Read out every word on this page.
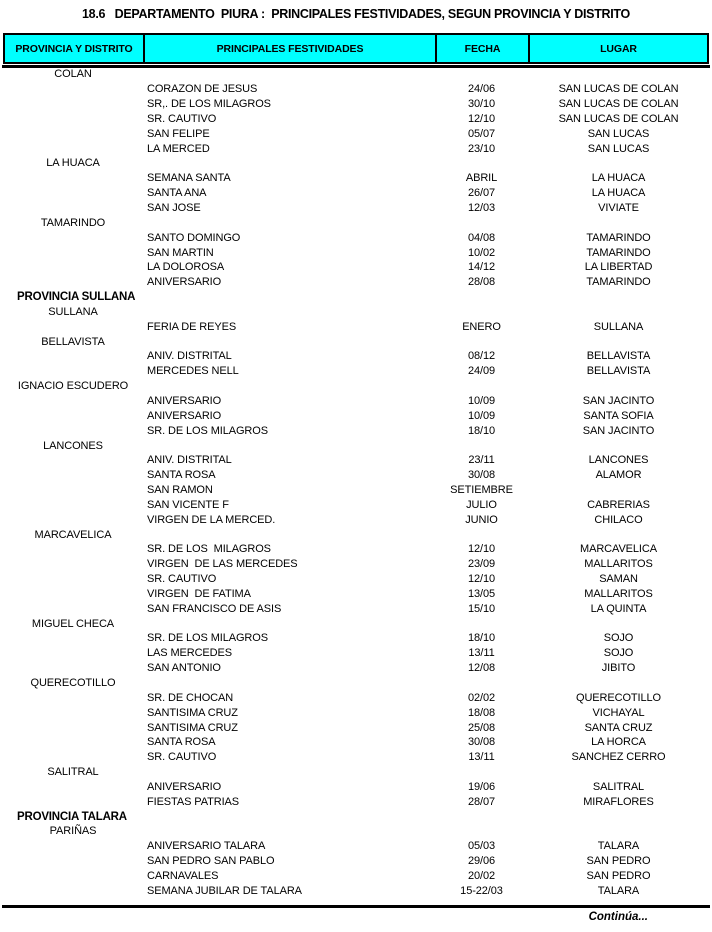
18.6   DEPARTAMENTO  PIURA :  PRINCIPALES FESTIVIDADES, SEGUN PROVINCIA Y DISTRITO
PROVINCIA Y DISTRITO	PRINCIPALES FESTIVIDADES	FECHA	LUGAR
COLAN
CORAZON DE JESUS	24/06	SAN LUCAS DE COLAN
SR,. DE LOS MILAGROS	30/10	SAN LUCAS DE COLAN
SR. CAUTIVO	12/10	SAN LUCAS DE COLAN
SAN FELIPE	05/07	SAN LUCAS
LA MERCED	23/10	SAN LUCAS
LA HUACA
SEMANA SANTA	ABRIL	LA HUACA
SANTA ANA	26/07	LA HUACA
SAN JOSE	12/03	VIVIATE
TAMARINDO
SANTO DOMINGO	04/08	TAMARINDO
SAN MARTIN	10/02	TAMARINDO
LA DOLOROSA	14/12	LA LIBERTAD
ANIVERSARIO	28/08	TAMARINDO
PROVINCIA SULLANA
SULLANA
FERIA DE REYES	ENERO	SULLANA
BELLAVISTA
ANIV. DISTRITAL	08/12	BELLAVISTA
MERCEDES NELL	24/09	BELLAVISTA
IGNACIO ESCUDERO
ANIVERSARIO	10/09	SAN JACINTO
ANIVERSARIO	10/09	SANTA SOFIA
SR. DE LOS MILAGROS	18/10	SAN JACINTO
LANCONES
ANIV. DISTRITAL	23/11	LANCONES
SANTA ROSA	30/08	ALAMOR
SAN RAMON	SETIEMBRE
SAN VICENTE F	JULIO	CABRERIAS
VIRGEN DE LA MERCED.	JUNIO	CHILACO
MARCAVELICA
SR. DE LOS  MILAGROS	12/10	MARCAVELICA
VIRGEN  DE LAS MERCEDES	23/09	MALLARITOS
SR. CAUTIVO	12/10	SAMAN
VIRGEN  DE FATIMA	13/05	MALLARITOS
SAN FRANCISCO DE ASIS	15/10	LA QUINTA
MIGUEL CHECA
SR. DE LOS MILAGROS	18/10	SOJO
LAS MERCEDES	13/11	SOJO
SAN ANTONIO	12/08	JIBITO
QUERECOTILLO
SR. DE CHOCAN	02/02	QUERECOTILLO
SANTISIMA CRUZ	18/08	VICHAYAL
SANTISIMA CRUZ	25/08	SANTA CRUZ
SANTA ROSA	30/08	LA HORCA
SR. CAUTIVO	13/11	SANCHEZ CERRO
SALITRAL
ANIVERSARIO	19/06	SALITRAL
FIESTAS PATRIAS	28/07	MIRAFLORES
PROVINCIA TALARA
PARIÑAS
ANIVERSARIO TALARA	05/03	TALARA
SAN PEDRO SAN PABLO	29/06	SAN PEDRO
CARNAVALES	20/02	SAN PEDRO
SEMANA JUBILAR DE TALARA	15-22/03	TALARA
Continúa...
